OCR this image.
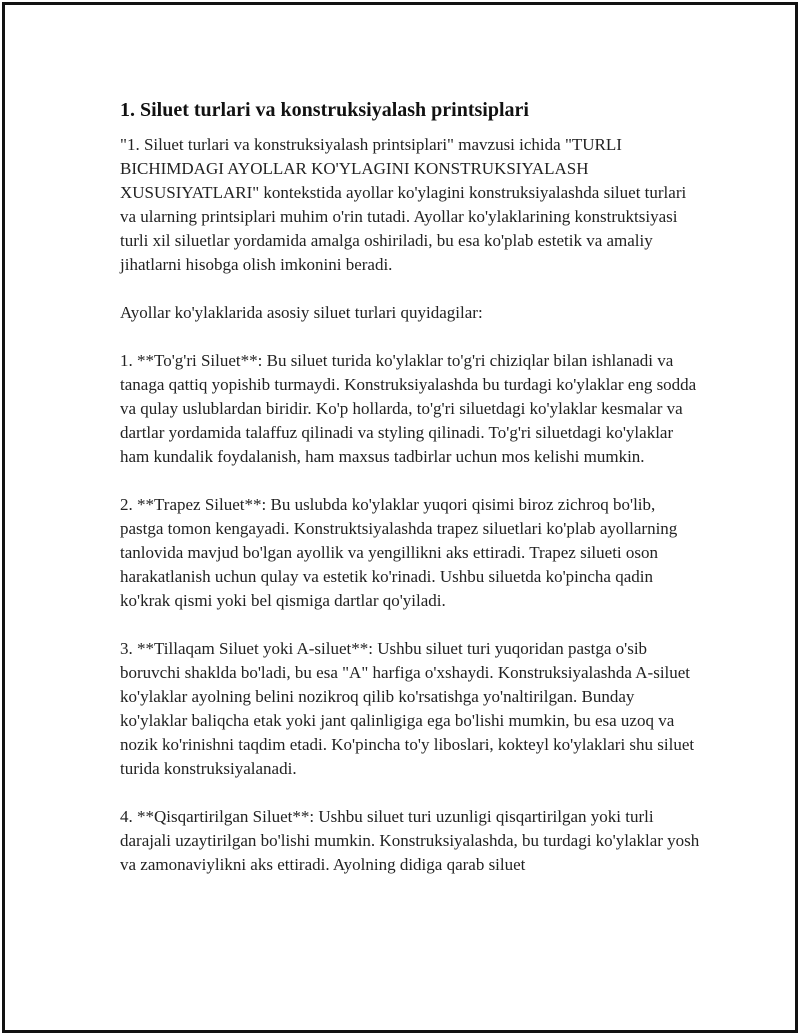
1. Siluet turlari va konstruksiyalash printsiplari

"1. Siluet turlari va konstruksiyalash printsiplari" mavzusi ichida "TURLI BICHIMDAGI AYOLLAR KO'YLAGINI KONSTRUKSIYALASH XUSUSIYATLARI" kontekstida ayollar ko'ylagini konstruksiyalashda siluet turlari va ularning printsiplari muhim o'rin tutadi. Ayollar ko'ylaklarining konstruktsiyasi turli xil siluetlar yordamida amalga oshiriladi, bu esa ko'plab estetik va amaliy jihatlarni hisobga olish imkonini beradi.

Ayollar ko'ylaklarida asosiy siluet turlari quyidagilar:

1. **To'g'ri Siluet**: Bu siluet turida ko'ylaklar to'g'ri chiziqlar bilan ishlanadi va tanaga qattiq yopishib turmaydi. Konstruksiyalashda bu turdagi ko'ylaklar eng sodda va qulay uslublardan biridir. Ko'p hollarda, to'g'ri siluetdagi ko'ylaklar kesmalar va dartlar yordamida talaffuz qilinadi va styling qilinadi. To'g'ri siluetdagi ko'ylaklar ham kundalik foydalanish, ham maxsus tadbirlar uchun mos kelishi mumkin.

2. **Trapez Siluet**: Bu uslubda ko'ylaklar yuqori qisimi biroz zichroq bo'lib, pastga tomon kengayadi. Konstruktsiyalashda trapez siluetlari ko'plab ayollarning tanlovida mavjud bo'lgan ayollik va yengillikni aks ettiradi. Trapez silueti oson harakatlanish uchun qulay va estetik ko'rinadi. Ushbu siluetda ko'pincha qadin ko'krak qismi yoki bel qismiga dartlar qo'yiladi.

3. **Tillaqam Siluet yoki A-siluet**: Ushbu siluet turi yuqoridan pastga o'sib boruvchi shaklda bo'ladi, bu esa "A" harfiga o'xshaydi. Konstruksiyalashda A-siluet ko'ylaklar ayolning belini nozikroq qilib ko'rsatishga yo'naltirilgan. Bunday ko'ylaklar baliqcha etak yoki jant qalinligiga ega bo'lishi mumkin, bu esa uzoq va nozik ko'rinishni taqdim etadi. Ko'pincha to'y liboslari, kokteyl ko'ylaklari shu siluet turida konstruksiyalanadi.

4. **Qisqartirilgan Siluet**: Ushbu siluet turi uzunligi qisqartirilgan yoki turli darajali uzaytirilgan bo'lishi mumkin. Konstruksiyalashda, bu turdagi ko'ylaklar yosh va zamonaviylikni aks ettiradi. Ayolning didiga qarab siluet
